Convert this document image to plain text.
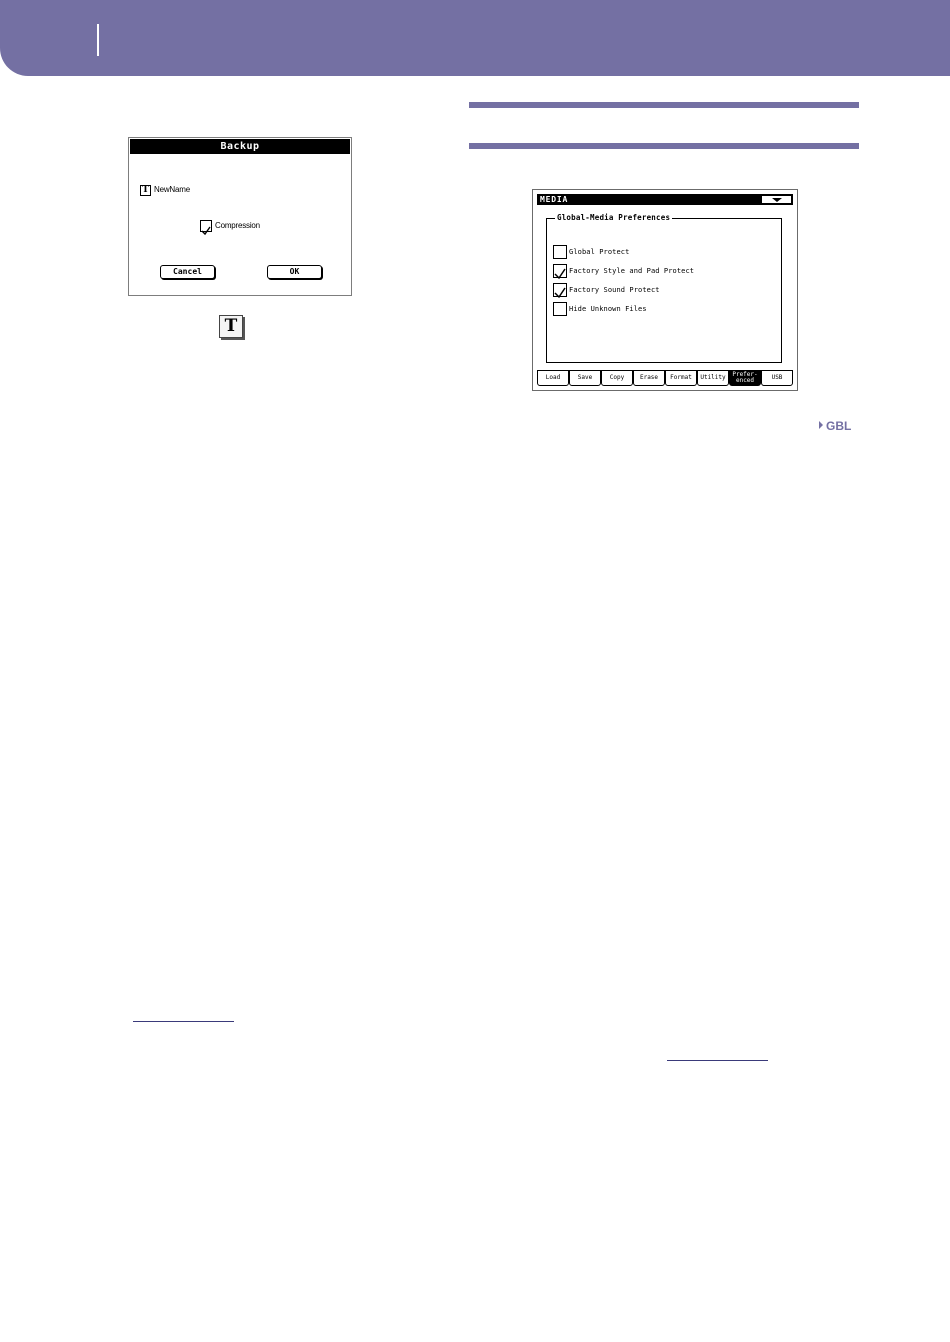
Backup
T NewName
Compression
Cancel	OK
T
MEDIA
Global-Media Preferences
Global Protect
Factory Style and Pad Protect
Factory Sound Protect
Hide Unknown Files
Load	Save	Copy	Erase	Format	Utility	Prefer-
enced	USB
GBL
